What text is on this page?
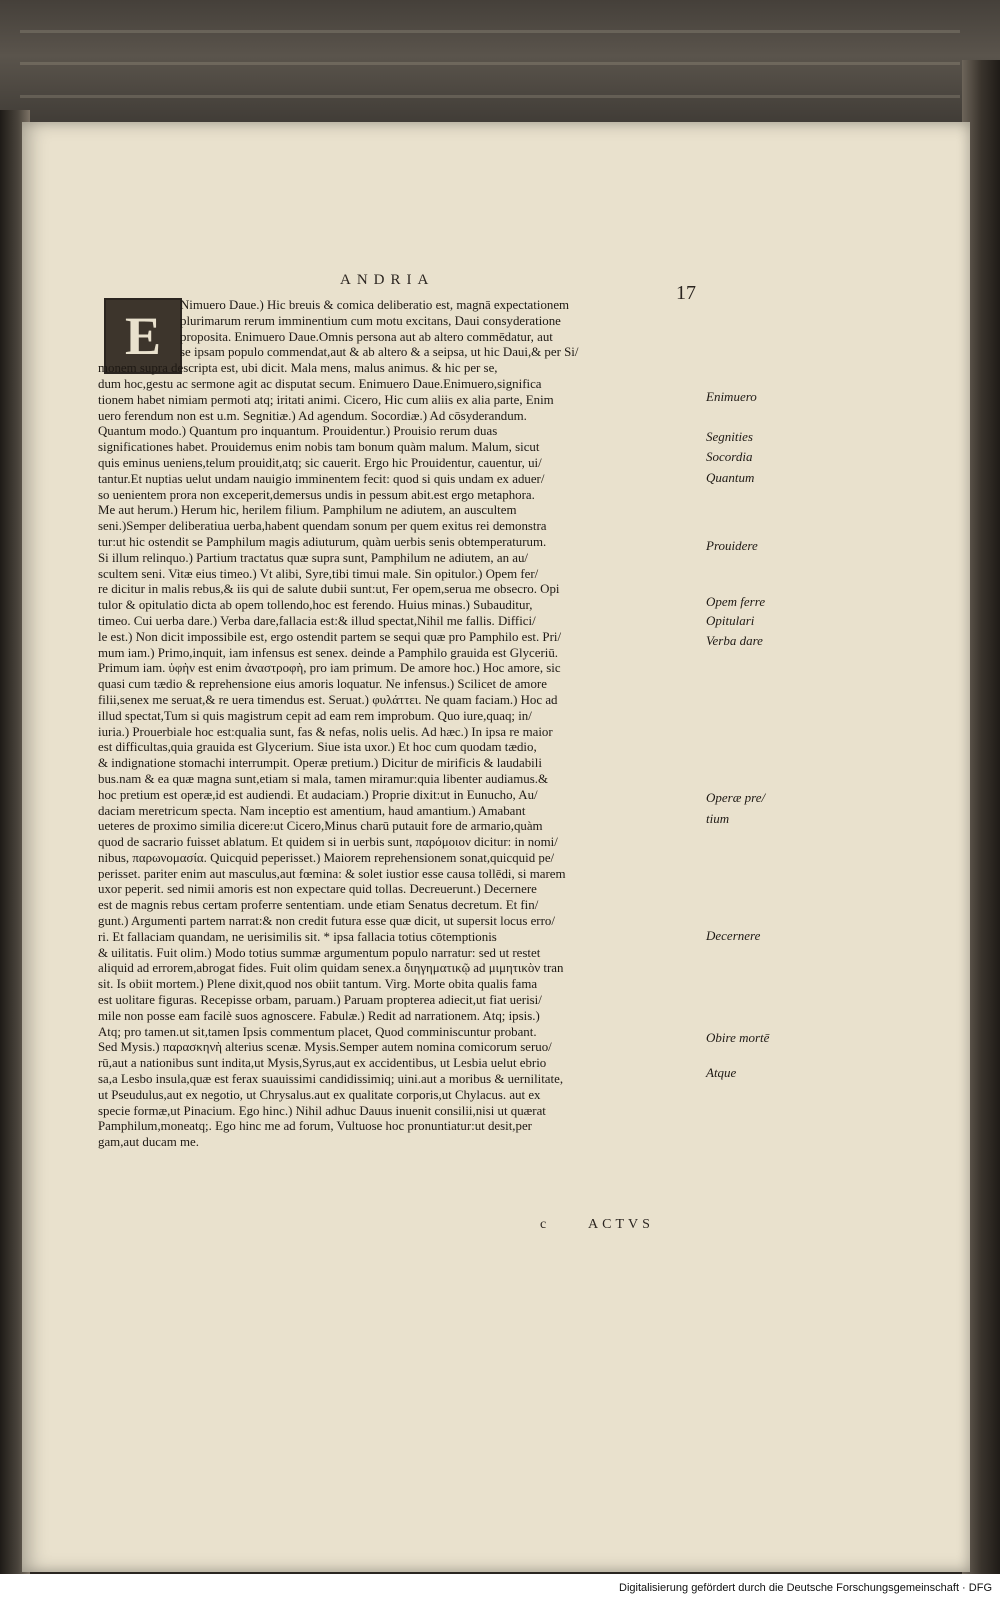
ANDRIA
17
E
Nimuero Daue.) Hic breuis & comica deliberatio est, magnā expectationem
plurimarum rerum imminentium cum motu excitans, Daui consyderatione
proposita. Enimuero Daue.Omnis persona aut ab altero commēdatur, aut
se ipsam populo commendat,aut & ab altero & a seipsa, ut hic Daui,& per Si/
monem supra descripta est, ubi dicit. Mala mens, malus animus. & hic per se,
dum hoc,gestu ac sermone agit ac disputat secum. Enimuero Daue.Enimuero,significa
tionem habet nimiam permoti atq; iritati animi. Cicero, Hic cum aliis ex alia parte, Enim
uero ferendum non est u.m. Segnitiæ.) Ad agendum. Socordiæ.) Ad cōsyderandum.
Quantum modo.) Quantum pro inquantum. Prouidentur.) Prouisio rerum duas
significationes habet. Prouidemus enim nobis tam bonum quàm malum. Malum, sicut
quis eminus ueniens,telum prouidit,atq; sic cauerit. Ergo hic Prouidentur, cauentur, ui/
tantur.Et nuptias uelut undam nauigio imminentem fecit: quod si quis undam ex aduer/
so uenientem prora non exceperit,demersus undis in pessum abit.est ergo metaphora.
Me aut herum.) Herum hic, herilem filium. Pamphilum ne adiutem, an auscultem
seni.)Semper deliberatiua uerba,habent quendam sonum per quem exitus rei demonstra
tur:ut hic ostendit se Pamphilum magis adiuturum, quàm uerbis senis obtemperaturum.
Si illum relinquo.) Partium tractatus quæ supra sunt, Pamphilum ne adiutem, an au/
scultem seni. Vitæ eius timeo.) Vt alibi, Syre,tibi timui male. Sin opitulor.) Opem fer/
re dicitur in malis rebus,& iis qui de salute dubii sunt:ut, Fer opem,serua me obsecro. Opi
tulor & opitulatio dicta ab opem tollendo,hoc est ferendo. Huius minas.) Subauditur,
timeo. Cui uerba dare.) Verba dare,fallacia est:& illud spectat,Nihil me fallis. Diffici/
le est.) Non dicit impossibile est, ergo ostendit partem se sequi quæ pro Pamphilo est. Pri/
mum iam.) Primo,inquit, iam infensus est senex. deinde a Pamphilo grauida est Glyceriū.
Primum iam. ὑφὴν est enim ἀναστροφὴ, pro iam primum. De amore hoc.) Hoc amore, sic
quasi cum tædio & reprehensione eius amoris loquatur. Ne infensus.) Scilicet de amore
filii,senex me seruat,& re uera timendus est. Seruat.) φυλάττει. Ne quam faciam.) Hoc ad
illud spectat,Tum si quis magistrum cepit ad eam rem improbum. Quo iure,quaq; in/
iuria.) Prouerbiale hoc est:qualia sunt, fas & nefas, nolis uelis. Ad hæc.) In ipsa re maior
est difficultas,quia grauida est Glycerium. Siue ista uxor.) Et hoc cum quodam tædio,
& indignatione stomachi interrumpit. Operæ pretium.) Dicitur de mirificis & laudabili
bus.nam & ea quæ magna sunt,etiam si mala, tamen miramur:quia libenter audiamus.&
hoc pretium est operæ,id est audiendi. Et audaciam.) Proprie dixit:ut in Eunucho, Au/
daciam meretricum specta. Nam inceptio est amentium, haud amantium.) Amabant
ueteres de proximo similia dicere:ut Cicero,Minus charū putauit fore de armario,quàm
quod de sacrario fuisset ablatum. Et quidem si in uerbis sunt, παρόμοιον dicitur: in nomi/
nibus, παρωνομασία. Quicquid peperisset.) Maiorem reprehensionem sonat,quicquid pe/
perisset. pariter enim aut masculus,aut fœmina: & solet iustior esse causa tollēdi, si marem
uxor peperit. sed nimii amoris est non expectare quid tollas. Decreuerunt.) Decernere
est de magnis rebus certam proferre sententiam. unde etiam Senatus decretum. Et fin/
gunt.) Argumenti partem narrat:& non credit futura esse quæ dicit, ut supersit locus erro/
ri. Et fallaciam quandam, ne uerisimilis sit. * ipsa fallacia totius cōtemptionis
& uilitatis. Fuit olim.) Modo totius summæ argumentum populo narratur: sed ut restet
aliquid ad errorem,abrogat fides. Fuit olim quidam senex.a διηγηματικῷ ad μιμητικὸν tran
sit. Is obiit mortem.) Plene dixit,quod nos obiit tantum. Virg. Morte obita qualis fama
est uolitare figuras. Recepisse orbam, paruam.) Paruam propterea adiecit,ut fiat uerisi/
mile non posse eam facilè suos agnoscere. Fabulæ.) Redit ad narrationem. Atq; ipsis.)
Atq; pro tamen.ut sit,tamen Ipsis commentum placet, Quod comminiscuntur probant.
Sed Mysis.) παρασκηνὴ alterius scenæ. Mysis.Semper autem nomina comicorum seruo/
rū,aut a nationibus sunt indita,ut Mysis,Syrus,aut ex accidentibus, ut Lesbia uelut ebrio
sa,a Lesbo insula,quæ est ferax suauissimi candidissimiq; uini.aut a moribus & uernilitate,
ut Pseudulus,aut ex negotio, ut Chrysalus.aut ex qualitate corporis,ut Chylacus. aut ex
specie formæ,ut Pinacium. Ego hinc.) Nihil adhuc Dauus inuenit consilii,nisi ut quærat
Pamphilum,moneatq;. Ego hinc me ad forum, Vultuose hoc pronuntiatur:ut desit,per
gam,aut ducam me.
Enimuero
Segnities
Socordia
Quantum
Prouidere
Opem ferre
Opitulari
Verba dare
Operæ pre/
tium
Decernere
Obire mortē
Atque
c	ACTVS
Digitalisierung gefördert durch die Deutsche Forschungsgemeinschaft · DFG
